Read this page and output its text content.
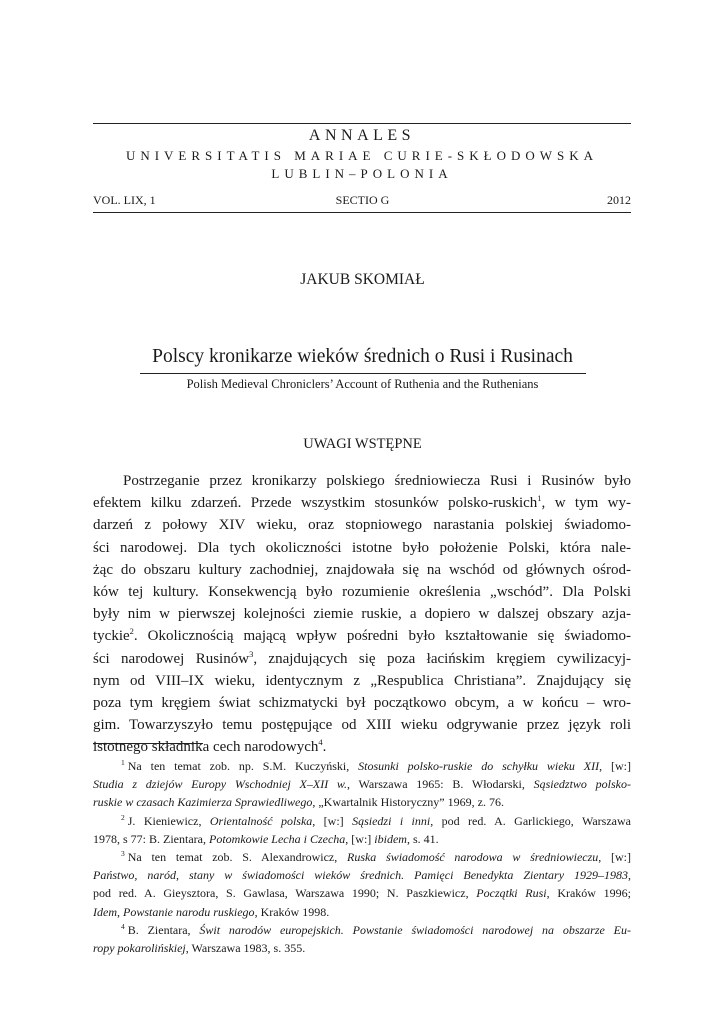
ANNALES
UNIVERSITATIS MARIAE CURIE-SKŁODOWSKA
LUBLIN–POLONIA
VOL. LIX, 1	SECTIO G	2012
JAKUB SKOMIAŁ
Polscy kronikarze wieków średnich o Rusi i Rusinach
Polish Medieval Chroniclers’ Account of Ruthenia and the Ruthenians
UWAGI WSTĘPNE
Postrzeganie przez kronikarzy polskiego średniowiecza Rusi i Rusinów było
efektem kilku zdarzeń. Przede wszystkim stosunków polsko-ruskich$^1$, w tym wy-
darzeń z połowy XIV wieku, oraz stopniowego narastania polskiej świadomo-
ści narodowej. Dla tych okoliczności istotne było położenie Polski, która nale-
żąc do obszaru kultury zachodniej, znajdowała się na wschód od głównych ośrod-
ków tej kultury. Konsekwencją było rozumienie określenia „wschód”. Dla Polski
były nim w pierwszej kolejności ziemie ruskie, a dopiero w dalszej obszary azja-
tyckie$^2$. Okolicznością mającą wpływ pośredni było kształtowanie się świadomo-
ści narodowej Rusinów$^3$, znajdujących się poza łacińskim kręgiem cywilizacyj-
nym od VIII–IX wieku, identycznym z „Respublica Christiana”. Znajdujący się
poza tym kręgiem świat schizmatycki był początkowo obcym, a w końcu – wro-
gim. Towarzyszyło temu postępujące od XIII wieku odgrywanie przez język roli
istotnego składnika cech narodowych$^4$.
$^1$ Na ten temat zob. np. S.M. Kuczyński, Stosunki polsko-ruskie do schyłku wieku XII, [w:]
Studia z dziejów Europy Wschodniej X–XII w., Warszawa 1965: B. Włodarski, Sąsiedztwo polsko-
ruskie w czasach Kazimierza Sprawiedliwego, „Kwartalnik Historyczny” 1969, z. 76.
$^2$ J. Kieniewicz, Orientalność polska, [w:] Sąsiedzi i inni, pod red. A. Garlickiego, Warszawa
1978, s 77: B. Zientara, Potomkowie Lecha i Czecha, [w:] ibidem, s. 41.
$^3$ Na ten temat zob. S. Alexandrowicz, Ruska świadomość narodowa w średniowieczu, [w:]
Państwo, naród, stany w świadomości wieków średnich. Pamięci Benedykta Zientary 1929–1983,
pod red. A. Gieysztora, S. Gawlasa, Warszawa 1990; N. Paszkiewicz, Początki Rusi, Kraków 1996;
Idem, Powstanie narodu ruskiego, Kraków 1998.
$^4$ B. Zientara, Świt narodów europejskich. Powstanie świadomości narodowej na obszarze Eu-
ropy pokarolińskiej, Warszawa 1983, s. 355.
